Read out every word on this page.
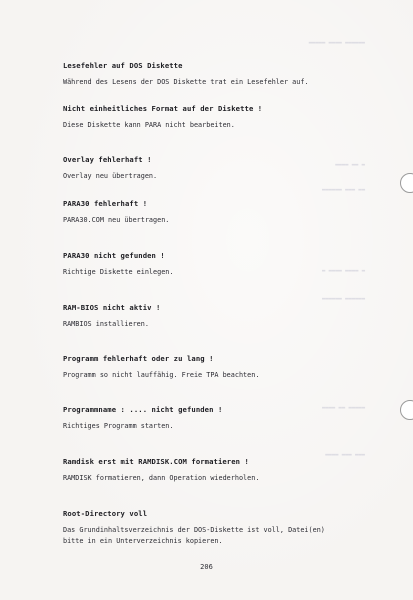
▬▬▬▬▬ ▬▬▬▬ ▬▬▬▬▬▬
▬▬▬▬ ▬▬ ▬
▬▬▬▬▬▬ ▬▬▬ ▬▬
▬ ▬▬▬▬ ▬▬▬▬ ▬
▬▬▬▬▬▬ ▬▬▬▬▬▬
▬▬▬▬ ▬▬ ▬▬▬▬▬
▬▬▬▬ ▬▬▬ ▬▬▬

Lesefehler auf DOS Diskette

Während des Lesens der DOS Diskette trat ein Lesefehler auf.

Nicht einheitliches Format auf der Diskette !

Diese Diskette kann PARA nicht bearbeiten.

Overlay fehlerhaft !

Overlay neu übertragen.

PARA30 fehlerhaft !

PARA30.COM neu übertragen.

PARA30 nicht gefunden !

Richtige Diskette einlegen.

RAM-BIOS nicht aktiv !

RAMBIOS installieren.

Programm fehlerhaft oder zu lang !

Programm so nicht lauffähig. Freie TPA beachten.

Programmname : .... nicht gefunden !

Richtiges Programm starten.

Ramdisk erst mit RAMDISK.COM formatieren !

RAMDISK formatieren, dann Operation wiederholen.

Root-Directory voll

Das Grundinhaltsverzeichnis der DOS-Diskette ist voll, Datei(en)

bitte in ein Unterverzeichnis kopieren.

206
